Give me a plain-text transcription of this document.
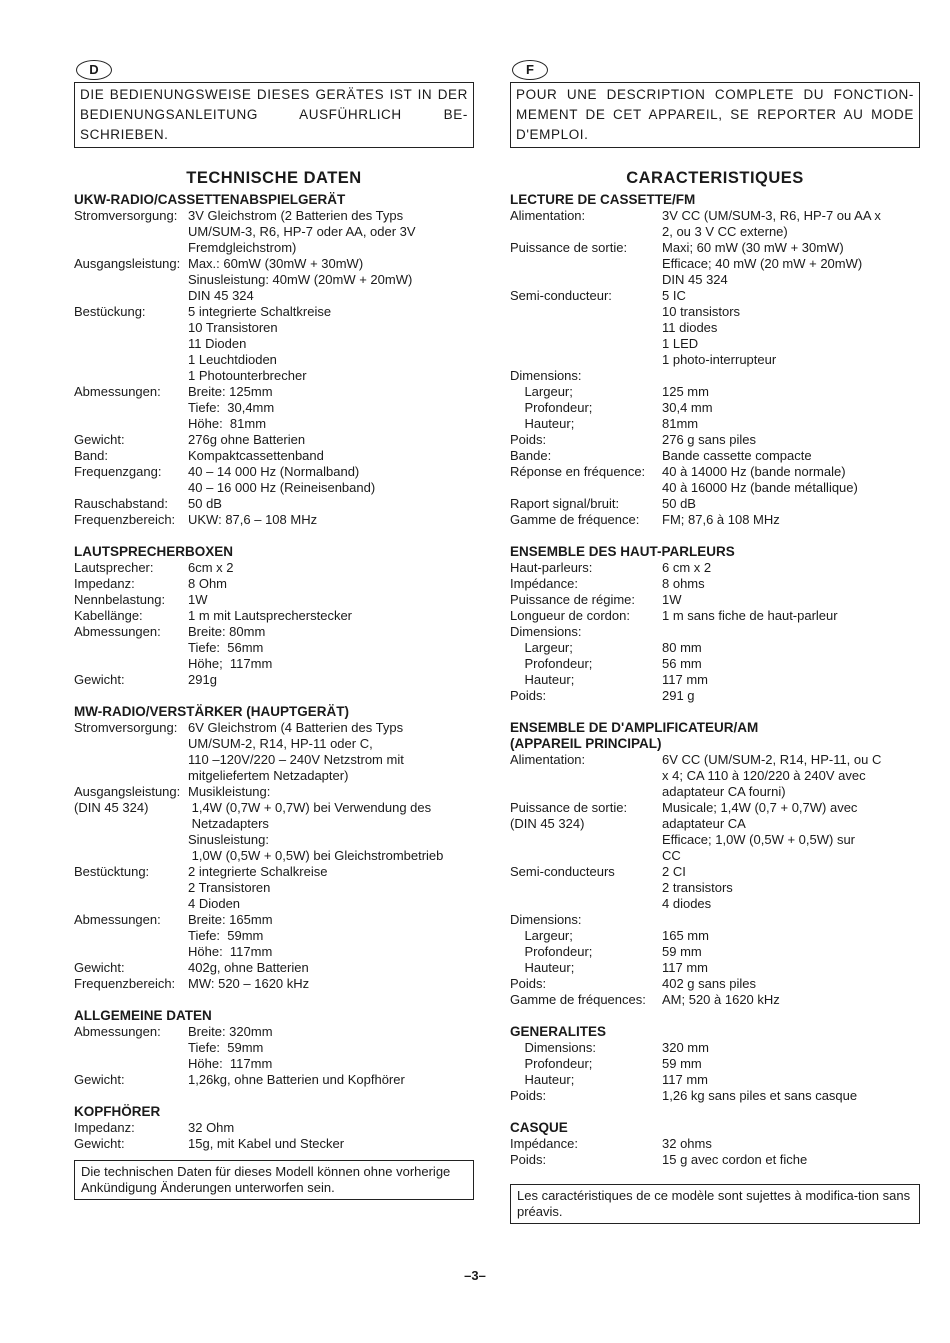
D
DIE BEDIENUNGSWEISE DIESES GERÄTES IST IN DER BEDIENUNGSANLEITUNG AUSFÜHRLICH BE-SCHRIEBEN.
TECHNISCHE DATEN
UKW-RADIO/CASSETTENABSPIELGERÄT
Stromversorgung: 3V Gleichstrom (2 Batterien des Typs
UM/SUM-3, R6, HP-7 oder AA, oder 3V
Fremdgleichstrom)
Ausgangsleistung: Max.: 60mW (30mW + 30mW)
Sinusleistung: 40mW (20mW + 20mW)
DIN 45 324
Bestückung:	5 integrierte Schaltkreise
10 Transistoren
11 Dioden
1 Leuchtdioden
1 Photounterbrecher
Abmessungen:	Breite: 125mm
Tiefe:  30,4mm
Höhe:  81mm
Gewicht:	276g ohne Batterien
Band:	Kompaktcassettenband
Frequenzgang:	40 – 14 000 Hz (Normalband)
40 – 16 000 Hz (Reineisenband)
Rauschabstand:	50 dB
Frequenzbereich: UKW: 87,6 – 108 MHz
LAUTSPRECHERBOXEN
Lautsprecher:	6cm x 2
Impedanz:	8 Ohm
Nennbelastung:	1W
Kabellänge:	1 m mit Lautsprecherstecker
Abmessungen:	Breite: 80mm
Tiefe:  56mm
Höhe;  117mm
Gewicht:	291g
MW-RADIO/VERSTÄRKER (HAUPTGERÄT)
Stromversorgung: 6V Gleichstrom (4 Batterien des Typs
UM/SUM-2, R14, HP-11 oder C,
110 –120V/220 – 240V Netzstrom mit
mitgeliefertem Netzadapter)
Ausgangsleistung: Musikleistung:
(DIN 45 324)	1,4W (0,7W + 0,7W) bei Verwendung des
Netzadapters
Sinusleistung:
1,0W (0,5W + 0,5W) bei Gleichstrombetrieb
Bestücktung:	2 integrierte Schalkreise
2 Transistoren
4 Dioden
Abmessungen:	Breite: 165mm
Tiefe:  59mm
Höhe:  117mm
Gewicht:	402g, ohne Batterien
Frequenzbereich: MW: 520 – 1620 kHz
ALLGEMEINE DATEN
Abmessungen:	Breite: 320mm
Tiefe:  59mm
Höhe:  117mm
Gewicht:	1,26kg, ohne Batterien und Kopfhörer
KOPFHÖRER
Impedanz:	32 Ohm
Gewicht:	15g, mit Kabel und Stecker
Die technischen Daten für dieses Modell können ohne vorherige Ankündigung Änderungen unterworfen sein.
F
POUR UNE DESCRIPTION COMPLETE DU FONCTION-MEMENT DE CET APPAREIL, SE REPORTER AU MODE D'EMPLOI.
CARACTERISTIQUES
LECTURE DE CASSETTE/FM
Alimentation:	3V CC (UM/SUM-3, R6, HP-7 ou AA x
2, ou 3 V CC externe)
Puissance de sortie:	Maxi; 60 mW (30 mW + 30mW)
Efficace; 40 mW (20 mW + 20mW)
DIN 45 324
Semi-conducteur:	5 IC
10 transistors
11 diodes
1 LED
1 photo-interrupteur
Dimensions:
Largeur;	125 mm
Profondeur;	30,4 mm
Hauteur;	81mm
Poids:	276 g sans piles
Bande:	Bande cassette compacte
Réponse en fréquence:	40 à 14000 Hz (bande normale)
40 à 16000 Hz (bande métallique)
Raport signal/bruit:	50 dB
Gamme de fréquence:	FM; 87,6 à 108 MHz
ENSEMBLE DES HAUT-PARLEURS
Haut-parleurs:	6 cm x 2
Impédance:	8 ohms
Puissance de régime:	1W
Longueur de cordon:	1 m sans fiche de haut-parleur
Dimensions:
Largeur;	80 mm
Profondeur;	56 mm
Hauteur;	117 mm
Poids:	291 g
ENSEMBLE DE D'AMPLIFICATEUR/AM
(APPAREIL PRINCIPAL)
Alimentation:	6V CC (UM/SUM-2, R14, HP-11, ou C
x 4; CA 110 à 120/220 à 240V avec
adaptateur CA fourni)
Puissance de sortie:	Musicale; 1,4W (0,7 + 0,7W) avec
(DIN 45 324)	adaptateur CA
Efficace; 1,0W (0,5W + 0,5W) sur
CC
Semi-conducteurs	2 CI
2 transistors
4 diodes
Dimensions:
Largeur;	165 mm
Profondeur;	59 mm
Hauteur;	117 mm
Poids:	402 g sans piles
Gamme de fréquences:	AM; 520 à 1620 kHz
GENERALITES
Dimensions:	320 mm
Profondeur;	59 mm
Hauteur;	117 mm
Poids:	1,26 kg sans piles et sans casque
CASQUE
Impédance:	32 ohms
Poids:	15 g avec cordon et fiche
Les caractéristiques de ce modèle sont sujettes à modifica-tion sans préavis.
–3–
